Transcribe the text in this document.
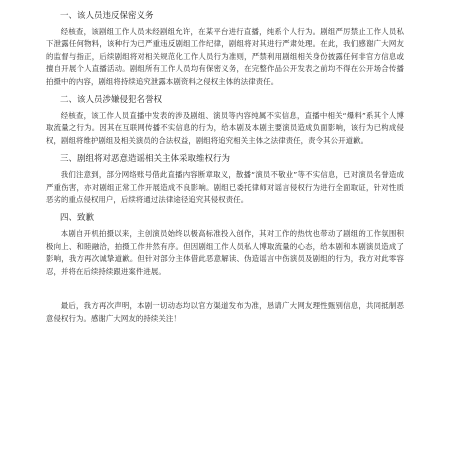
一、该人员违反保密义务

经核查，该剧组工作人员未经剧组允许，在某平台进行直播，纯系个人行为。剧组严厉禁止工作人员私下泄露任何物料，该种行为已严重违反剧组工作纪律，剧组将对其进行严肃处理。在此，我们感谢广大网友的监督与指正，后续剧组将对相关规范化工作人员行为准则，严禁利用剧组相关身份披露任何非官方信息或擅自开展个人直播活动。剧组所有工作人员均有保密义务，在完整作品公开发表之前均不得在公开场合传播拍摄中的内容，剧组将持续追究泄露本剧资料之侵权主体的法律责任。

二、该人员涉嫌侵犯名誉权

经核查，该工作人员直播中发表的涉及剧组、演员等内容纯属不实信息，直播中相关“爆料”系其个人博取流量之行为。因其在互联网传播不实信息的行为，给本剧及本剧主要演员造成负面影响，该行为已构成侵权，剧组将维护剧组及相关演员的合法权益，剧组将追究相关主体之法律责任，责令其公开道歉。

三、剧组将对恶意造谣相关主体采取维权行为

我们注意到，部分网络账号借此直播内容断章取义，散播“演员不敬业”等不实信息，已对演员名誉造成严重伤害，亦对剧组正常工作开展造成不良影响。剧组已委托律师对谣言侵权行为进行全面取证，针对性质恶劣的重点侵权用户，后续将通过法律途径追究其侵权责任。

四、致歉

本剧自开机拍摄以来，主创演员始终以极高标准投入创作，其对工作的热忱也带动了剧组的工作氛围积极向上、和睦融洽，拍摄工作井然有序。但因剧组工作人员私人博取流量的心态，给本剧和本剧演员造成了影响，我方再次诚挚道歉。但针对部分主体借此恶意解读、伪造谣言中伤演员及剧组的行为，我方对此零容忍，并将在后续持续跟进案件进展。

最后，我方再次声明，本剧一切动态均以官方渠道发布为准，恳请广大网友理性甄别信息，共同抵制恶意侵权行为。感谢广大网友的持续关注！
